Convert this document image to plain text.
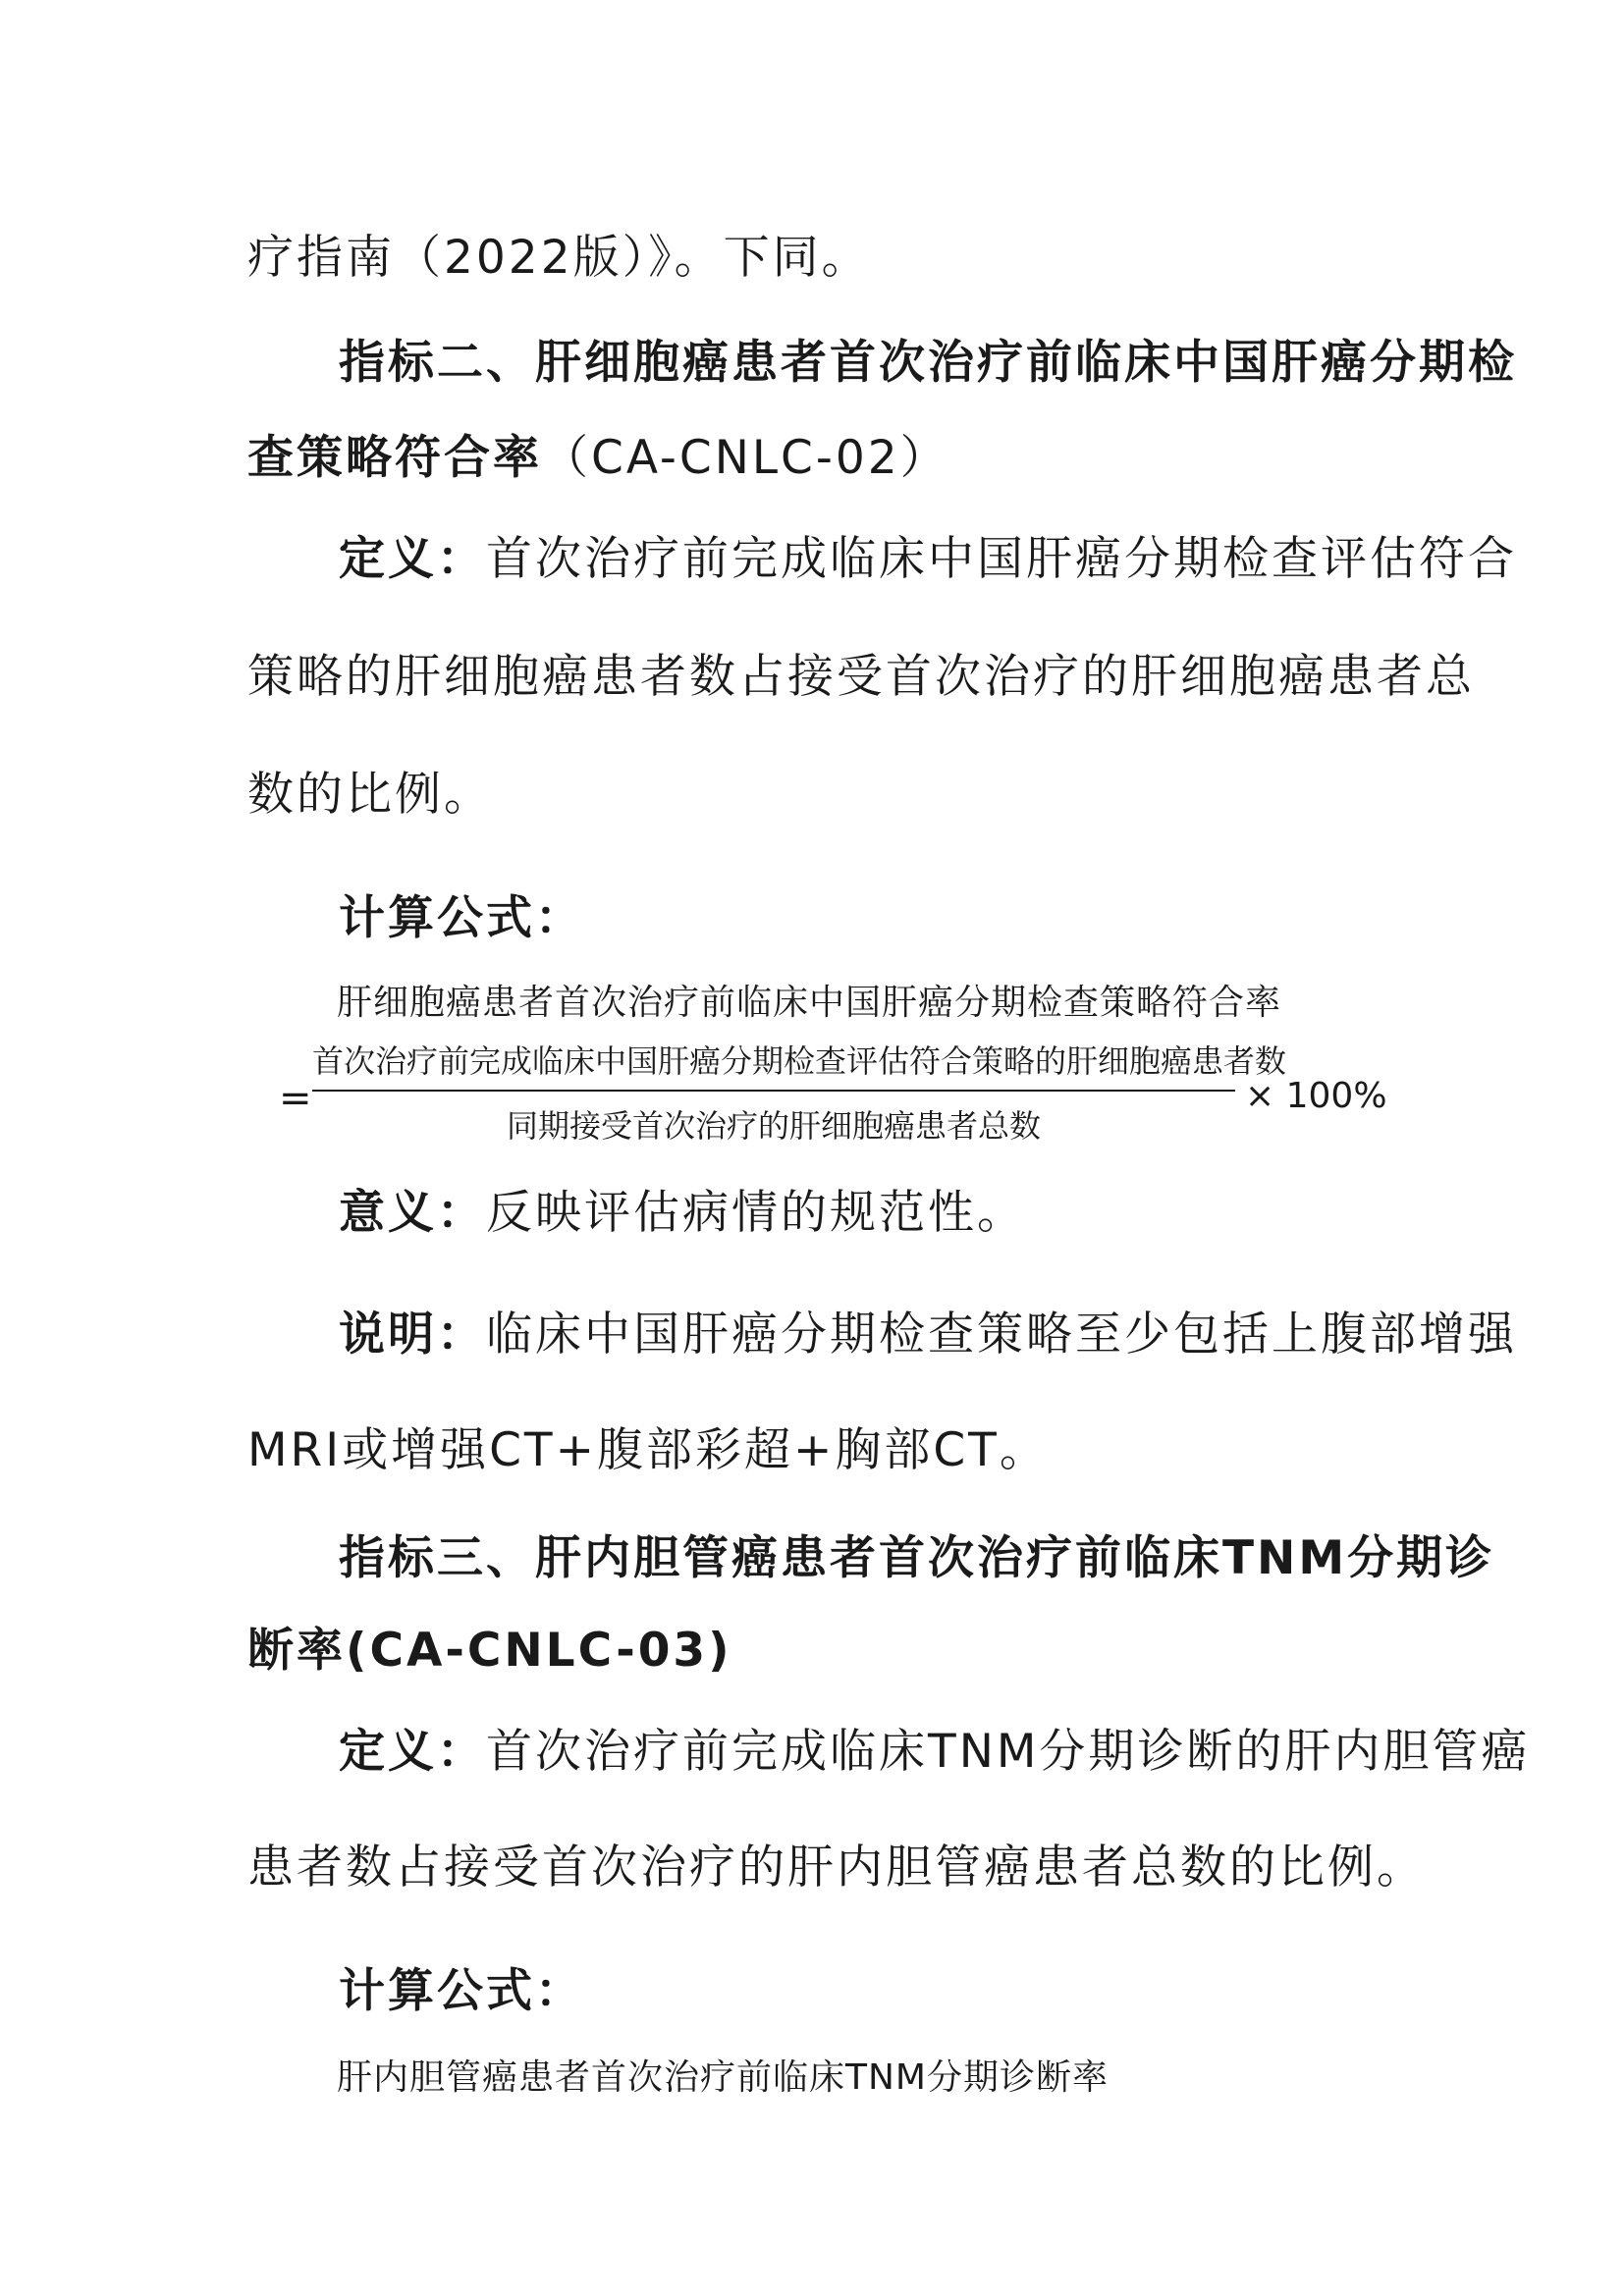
疗指南（2022版）》。下同。
指标二、肝细胞癌患者首次治疗前临床中国肝癌分期检
查策略符合率（CA-CNLC-02）
定义：首次治疗前完成临床中国肝癌分期检查评估符合
策略的肝细胞癌患者数占接受首次治疗的肝细胞癌患者总
数的比例。
计算公式：
肝细胞癌患者首次治疗前临床中国肝癌分期检查策略符合率
=
首次治疗前完成临床中国肝癌分期检查评估符合策略的肝细胞癌患者数
同期接受首次治疗的肝细胞癌患者总数
× 100%
意义：反映评估病情的规范性。
说明：临床中国肝癌分期检查策略至少包括上腹部增强
MRI或增强CT+腹部彩超+胸部CT。
指标三、肝内胆管癌患者首次治疗前临床TNM分期诊
断率(CA-CNLC-03)
定义：首次治疗前完成临床TNM分期诊断的肝内胆管癌
患者数占接受首次治疗的肝内胆管癌患者总数的比例。
计算公式：
肝内胆管癌患者首次治疗前临床TNM分期诊断率
